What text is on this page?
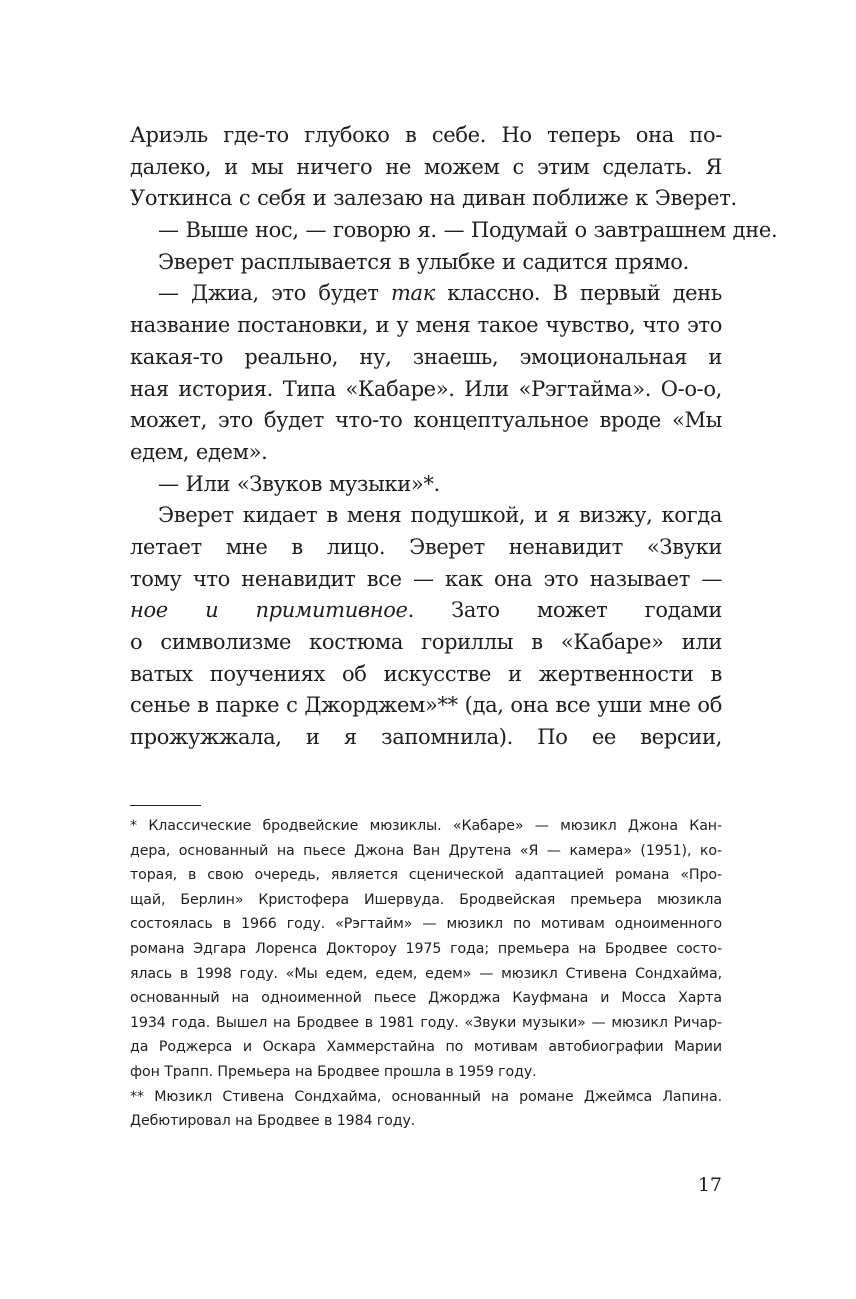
Ариэль где-то глубоко в себе. Но теперь она по-
далеко, и мы ничего не можем с этим сделать. Я
Уоткинса с себя и залезаю на диван поближе к Эверет.
— Выше нос, — говорю я. — Подумай о завтрашнем дне.
Эверет расплывается в улыбке и садится прямо.
— Джиа, это будет так классно. В первый день
название постановки, и у меня такое чувство, что это
какая-то реально, ну, знаешь, эмоциональная и
ная история. Типа «Кабаре». Или «Рэгтайма». О-о-о,
может, это будет что-то концептуальное вроде «Мы
едем, едем».
— Или «Звуков музыки»*.
Эверет кидает в меня подушкой, и я визжу, когда
летает мне в лицо. Эверет ненавидит «Звуки
тому что ненавидит все — как она это называет —
ное и примитивное. Зато может годами
о символизме костюма гориллы в «Кабаре» или
ватых поучениях об искусстве и жертвенности в
сенье в парке с Джорджем»** (да, она все уши мне об
прожужжала, и я запомнила). По ее версии,
* Классические бродвейские мюзиклы. «Кабаре» — мюзикл Джона Кан-
дера, основанный на пьесе Джона Ван Друтена «Я — камера» (1951), ко-
торая, в свою очередь, является сценической адаптацией романа «Про-
щай, Берлин» Кристофера Ишервуда. Бродвейская премьера мюзикла
состоялась в 1966 году. «Рэгтайм» — мюзикл по мотивам одноименного
романа Эдгара Лоренса Доктороу 1975 года; премьера на Бродвее состо-
ялась в 1998 году. «Мы едем, едем, едем» — мюзикл Стивена Сондхайма,
основанный на одноименной пьесе Джорджа Кауфмана и Мосса Харта
1934 года. Вышел на Бродвее в 1981 году. «Звуки музыки» — мюзикл Ричар-
да Роджерса и Оскара Хаммерстайна по мотивам автобиографии Марии
фон Трапп. Премьера на Бродвее прошла в 1959 году.
** Мюзикл Стивена Сондхайма, основанный на романе Джеймса Лапина.
Дебютировал на Бродвее в 1984 году.
17
